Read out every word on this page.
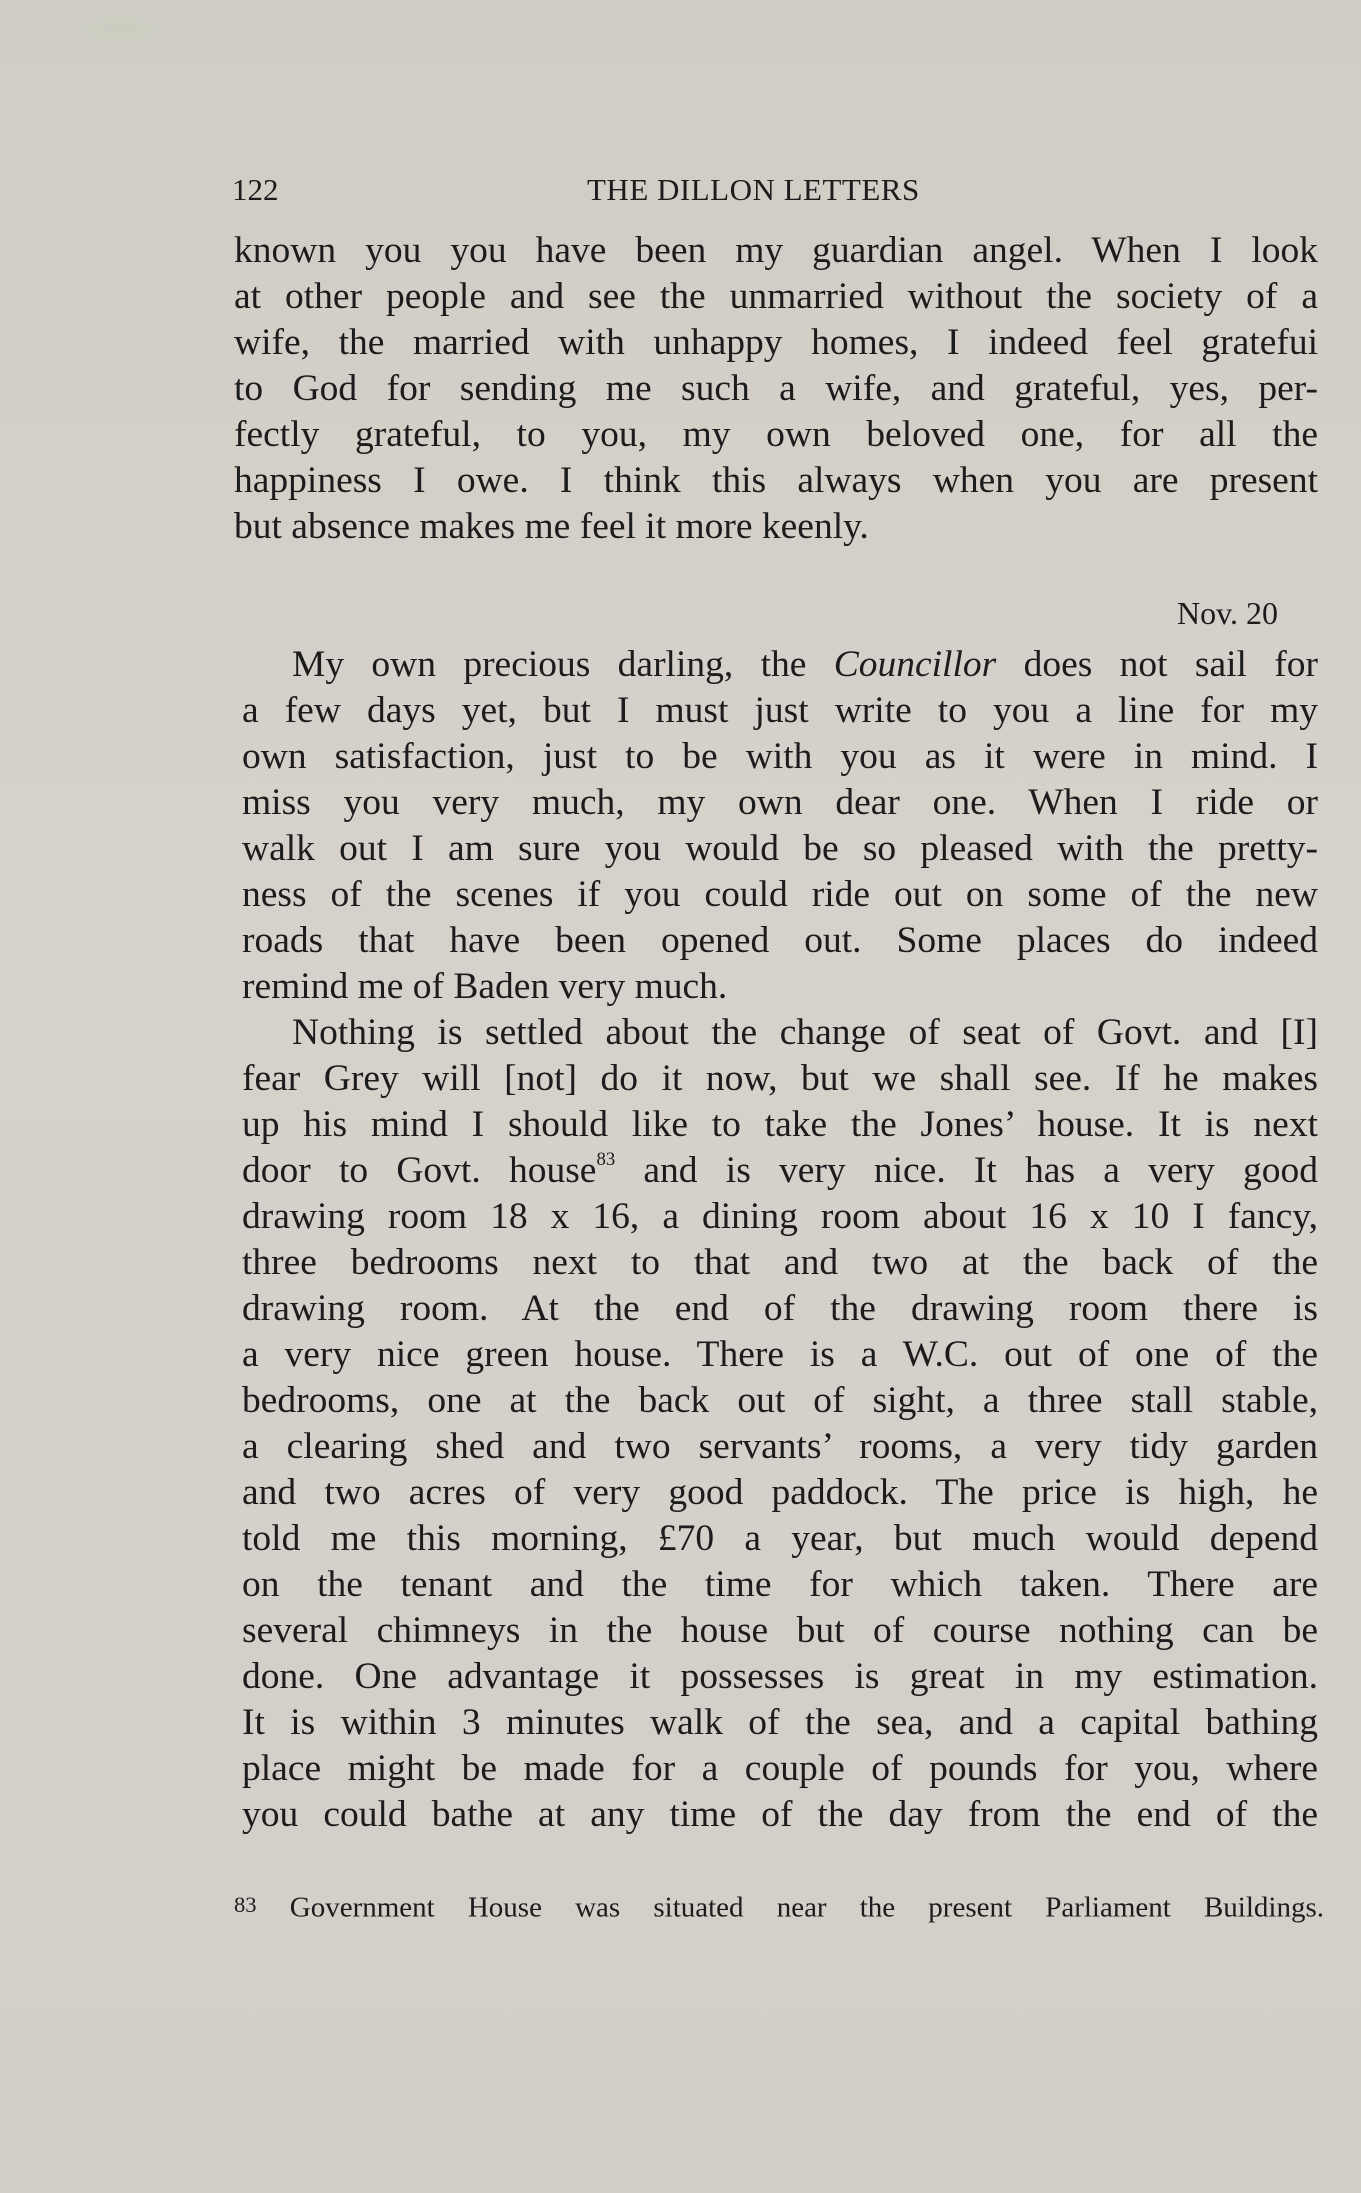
122	THE DILLON LETTERS
known you you have been my guardian angel. When I look
at other people and see the unmarried without the society of a
wife, the married with unhappy homes, I indeed feel gratefui
to God for sending me such a wife, and grateful, yes, per-
fectly grateful, to you, my own beloved one, for all the
happiness I owe. I think this always when you are present
but absence makes me feel it more keenly.
Nov. 20
My own precious darling, the Councillor does not sail for
a few days yet, but I must just write to you a line for my
own satisfaction, just to be with you as it were in mind. I
miss you very much, my own dear one. When I ride or
walk out I am sure you would be so pleased with the pretty-
ness of the scenes if you could ride out on some of the new
roads that have been opened out. Some places do indeed
remind me of Baden very much.
Nothing is settled about the change of seat of Govt. and [I]
fear Grey will [not] do it now, but we shall see. If he makes
up his mind I should like to take the Jones’ house. It is next
door to Govt. house$^{83}$ and is very nice. It has a very good
drawing room 18 x 16, a dining room about 16 x 10 I fancy,
three bedrooms next to that and two at the back of the
drawing room. At the end of the drawing room there is
a very nice green house. There is a W.C. out of one of the
bedrooms, one at the back out of sight, a three stall stable,
a clearing shed and two servants’ rooms, a very tidy garden
and two acres of very good paddock. The price is high, he
told me this morning, £70 a year, but much would depend
on the tenant and the time for which taken. There are
several chimneys in the house but of course nothing can be
done. One advantage it possesses is great in my estimation.
It is within 3 minutes walk of the sea, and a capital bathing
place might be made for a couple of pounds for you, where
you could bathe at any time of the day from the end of the
83 Government House was situated near the present Parliament Buildings.
